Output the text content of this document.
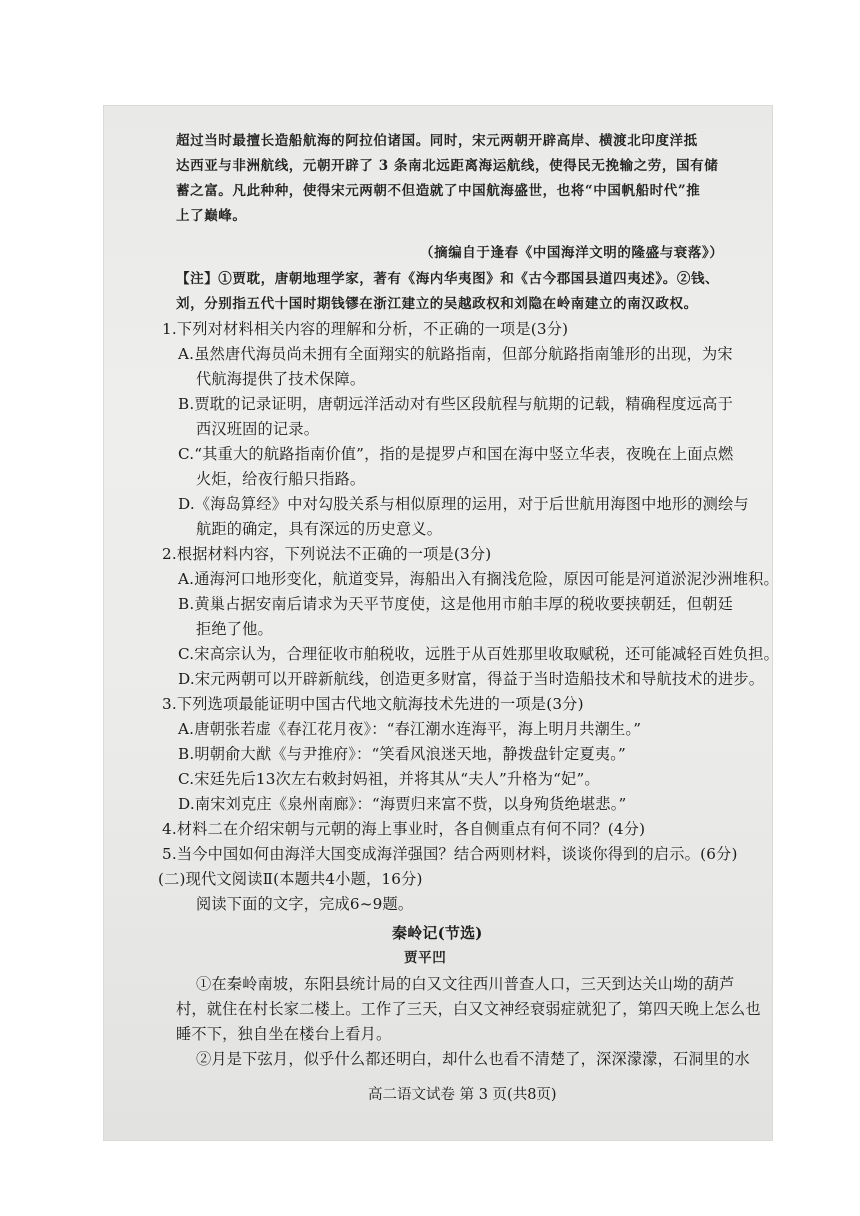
超过当时最擅长造船航海的阿拉伯诸国。同时，宋元两朝开辟高岸、横渡北印度洋抵
达西亚与非洲航线，元朝开辟了 3 条南北远距离海运航线，使得民无挽输之劳，国有储
蓄之富。凡此种种，使得宋元两朝不但造就了中国航海盛世，也将“中国帆船时代”推
上了巅峰。
（摘编自于逢春《中国海洋文明的隆盛与衰落》）
【注】①贾耽，唐朝地理学家，著有《海内华夷图》和《古今郡国县道四夷述》。②钱、
刘，分别指五代十国时期钱镠在浙江建立的吴越政权和刘隐在岭南建立的南汉政权。
1.下列对材料相关内容的理解和分析，不正确的一项是(3分)
A.虽然唐代海员尚未拥有全面翔实的航路指南，但部分航路指南雏形的出现，为宋
代航海提供了技术保障。
B.贾耽的记录证明，唐朝远洋活动对有些区段航程与航期的记载，精确程度远高于
西汉班固的记录。
C.“其重大的航路指南价值”，指的是提罗卢和国在海中竖立华表，夜晚在上面点燃
火炬，给夜行船只指路。
D.《海岛算经》中对勾股关系与相似原理的运用，对于后世航用海图中地形的测绘与
航距的确定，具有深远的历史意义。
2.根据材料内容，下列说法不正确的一项是(3分)
A.通海河口地形变化，航道变异，海船出入有搁浅危险，原因可能是河道淤泥沙洲堆积。
B.黄巢占据安南后请求为天平节度使，这是他用市舶丰厚的税收要挟朝廷，但朝廷
拒绝了他。
C.宋高宗认为，合理征收市舶税收，远胜于从百姓那里收取赋税，还可能减轻百姓负担。
D.宋元两朝可以开辟新航线，创造更多财富，得益于当时造船技术和导航技术的进步。
3.下列选项最能证明中国古代地文航海技术先进的一项是(3分)
A.唐朝张若虚《春江花月夜》：“春江潮水连海平，海上明月共潮生。”
B.明朝俞大猷《与尹推府》：“笑看风浪迷天地，静拨盘针定夏夷。”
C.宋廷先后13次左右敕封妈祖，并将其从“夫人”升格为“妃”。
D.南宋刘克庄《泉州南廊》：“海贾归来富不赀，以身殉货绝堪悲。”
4.材料二在介绍宋朝与元朝的海上事业时，各自侧重点有何不同？(4分)
5.当今中国如何由海洋大国变成海洋强国？结合两则材料，谈谈你得到的启示。(6分)
(二)现代文阅读Ⅱ(本题共4小题，16分)
阅读下面的文字，完成6~9题。
秦岭记(节选)
贾平凹
①在秦岭南坡，东阳县统计局的白又文往西川普查人口，三天到达关山坳的葫芦
村，就住在村长家二楼上。工作了三天，白又文神经衰弱症就犯了，第四天晚上怎么也
睡不下，独自坐在楼台上看月。
②月是下弦月，似乎什么都还明白，却什么也看不清楚了，深深濛濛，石洞里的水
高二语文试卷 第 3 页(共8页)
